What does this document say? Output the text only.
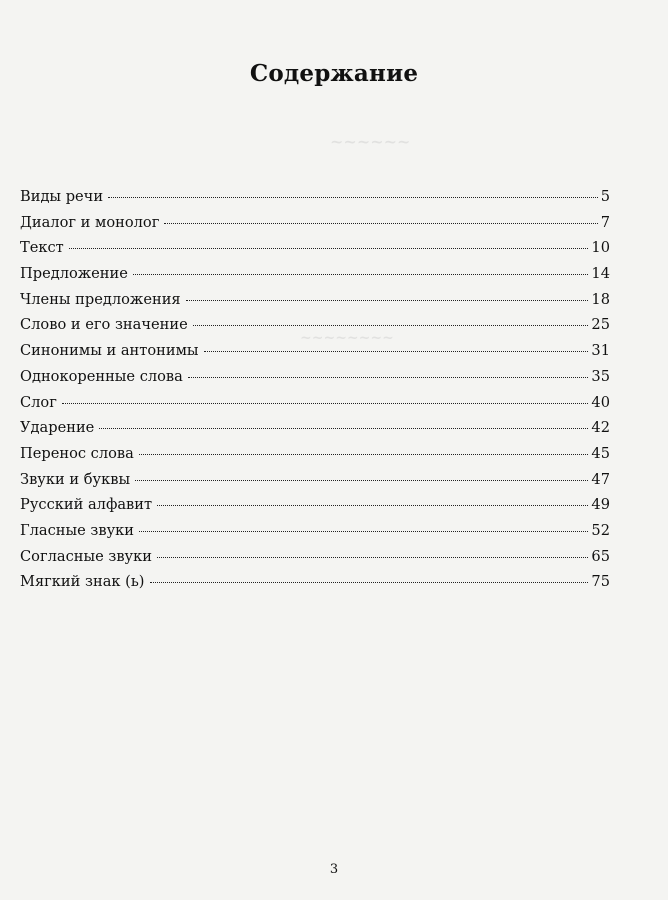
~~~~~~
~~~~~~~~
Содержание
Виды речи	5
Диалог и монолог	7
Текст	10
Предложение	14
Члены предложения	18
Слово и его значение	25
Синонимы и антонимы	31
Однокоренные слова	35
Слог	40
Ударение	42
Перенос слова	45
Звуки и буквы	47
Русский алфавит	49
Гласные звуки	52
Согласные звуки	65
Мягкий знак (ь)	75
3
